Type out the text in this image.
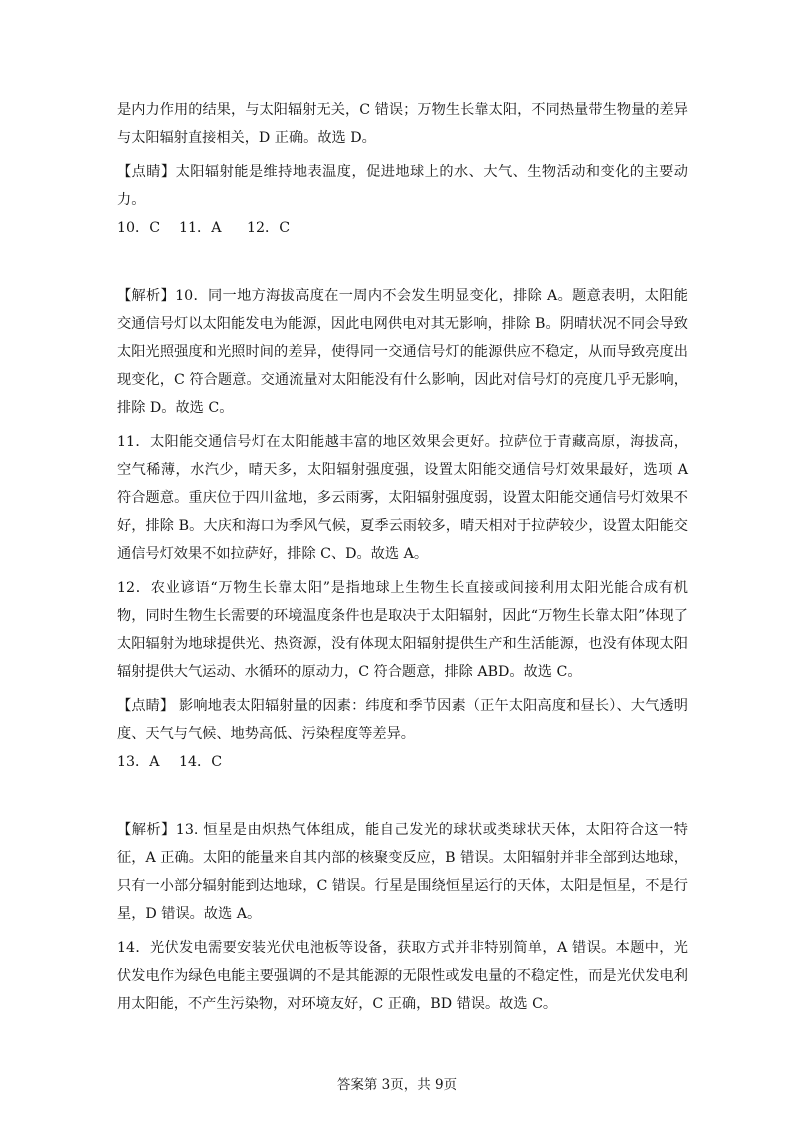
是内力作用的结果，与太阳辐射无关，C 错误；万物生长靠太阳，不同热量带生物量的差异与太阳辐射直接相关，D 正确。故选 D。

【点睛】太阳辐射能是维持地表温度，促进地球上的水、大气、生物活动和变化的主要动力。

10．C 11．A 12．C

【解析】10．同一地方海拔高度在一周内不会发生明显变化，排除 A。题意表明，太阳能交通信号灯以太阳能发电为能源，因此电网供电对其无影响，排除 B。阴晴状况不同会导致太阳光照强度和光照时间的差异，使得同一交通信号灯的能源供应不稳定，从而导致亮度出现变化，C 符合题意。交通流量对太阳能没有什么影响，因此对信号灯的亮度几乎无影响，排除 D。故选 C。

11．太阳能交通信号灯在太阳能越丰富的地区效果会更好。拉萨位于青藏高原，海拔高，空气稀薄，水汽少，晴天多，太阳辐射强度强，设置太阳能交通信号灯效果最好，选项 A 符合题意。重庆位于四川盆地，多云雨雾，太阳辐射强度弱，设置太阳能交通信号灯效果不好，排除 B。大庆和海口为季风气候，夏季云雨较多，晴天相对于拉萨较少，设置太阳能交通信号灯效果不如拉萨好，排除 C、D。故选 A。

12．农业谚语“万物生长靠太阳”是指地球上生物生长直接或间接利用太阳光能合成有机物，同时生物生长需要的环境温度条件也是取决于太阳辐射，因此“万物生长靠太阳”体现了太阳辐射为地球提供光、热资源，没有体现太阳辐射提供生产和生活能源，也没有体现太阳辐射提供大气运动、水循环的原动力，C 符合题意，排除 ABD。故选 C。

【点睛】 影响地表太阳辐射量的因素：纬度和季节因素（正午太阳高度和昼长）、大气透明度、天气与气候、地势高低、污染程度等差异。

13．A 14．C

【解析】13. 恒星是由炽热气体组成，能自己发光的球状或类球状天体，太阳符合这一特征，A 正确。太阳的能量来自其内部的核聚变反应，B 错误。太阳辐射并非全部到达地球，只有一小部分辐射能到达地球，C 错误。行星是围绕恒星运行的天体，太阳是恒星，不是行星，D 错误。故选 A。

14．光伏发电需要安装光伏电池板等设备，获取方式并非特别简单，A 错误。本题中，光伏发电作为绿色电能主要强调的不是其能源的无限性或发电量的不稳定性，而是光伏发电利用太阳能，不产生污染物，对环境友好，C 正确，BD 错误。故选 C。

答案第 3页，共 9页
